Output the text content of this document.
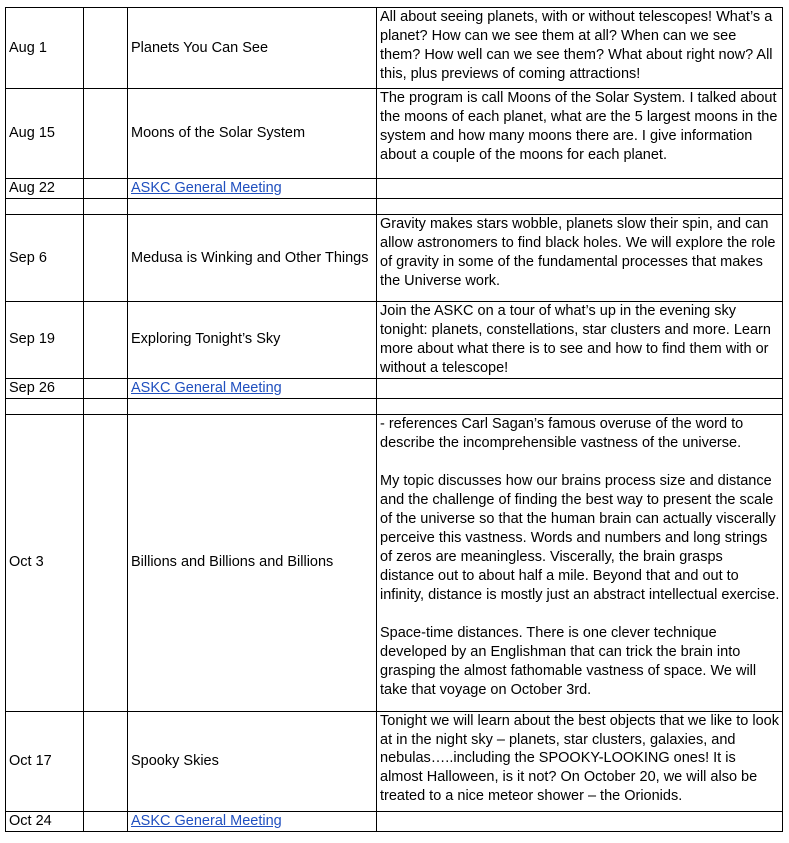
Aug 1		Planets You Can See	All about seeing planets, with or without telescopes! What’s a planet? How can we see them at all? When can we see them? How well can we see them? What about right now? All this, plus previews of coming attractions!
Aug 15		Moons of the Solar System	The program is call Moons of the Solar System. I talked about the moons of each planet, what are the 5 largest moons in the system and how many moons there are. I give information about a couple of the moons for each planet.
Aug 22		ASKC General Meeting	

Sep 6		Medusa is Winking and Other Things	Gravity makes stars wobble, planets slow their spin, and can allow astronomers to find black holes. We will explore the role of gravity in some of the fundamental processes that makes the Universe work.
Sep 19		Exploring Tonight’s Sky	Join the ASKC on a tour of what’s up in the evening sky tonight: planets, constellations, star clusters and more. Learn more about what there is to see and how to find them with or without a telescope!
Sep 26		ASKC General Meeting	

Oct 3		Billions and Billions and Billions	- references Carl Sagan’s famous overuse of the word to describe the incomprehensible vastness of the universe.

My topic discusses how our brains process size and distance and the challenge of finding the best way to present the scale of the universe so that the human brain can actually viscerally perceive this vastness. Words and numbers and long strings of zeros are meaningless. Viscerally, the brain grasps distance out to about half a mile. Beyond that and out to infinity, distance is mostly just an abstract intellectual exercise.

Space-time distances. There is one clever technique developed by an Englishman that can trick the brain into grasping the almost fathomable vastness of space. We will take that voyage on October 3rd.

Oct 17		Spooky Skies	Tonight we will learn about the best objects that we like to look at in the night sky – planets, star clusters, galaxies, and nebulas…..including the SPOOKY-LOOKING ones! It is almost Halloween, is it not? On October 20, we will also be treated to a nice meteor shower – the Orionids.
Oct 24		ASKC General Meeting	
